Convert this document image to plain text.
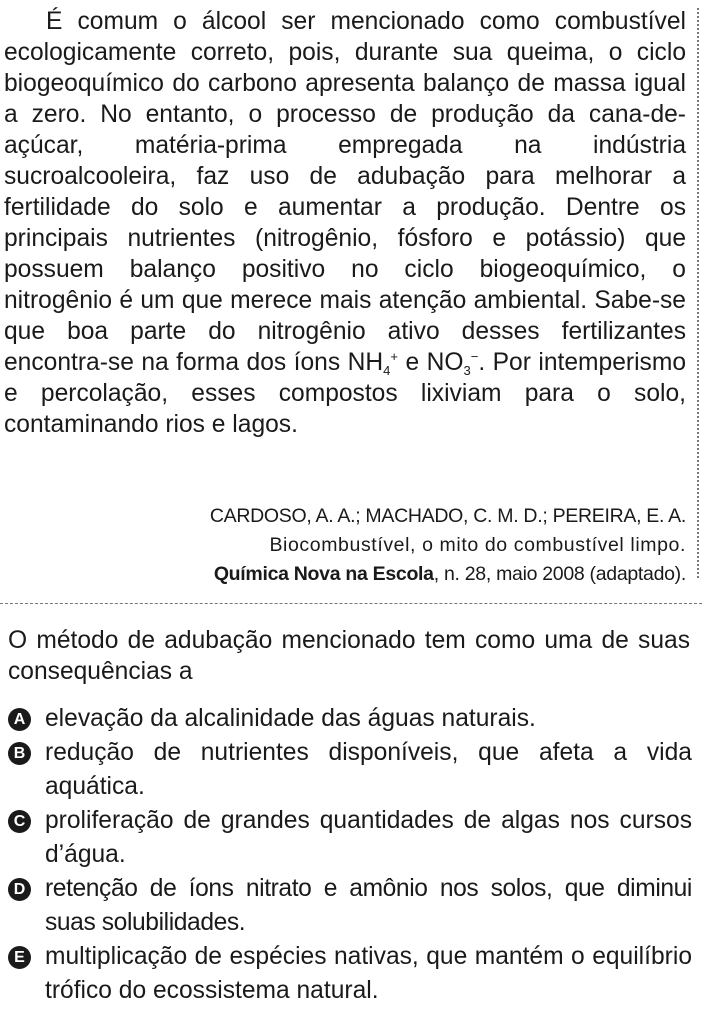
É comum o álcool ser mencionado como combustível ecologicamente correto, pois, durante sua queima, o ciclo biogeoquímico do carbono apresenta balanço de massa igual a zero. No entanto, o processo de produção da cana-de-açúcar, matéria-prima empregada na indústria sucroalcooleira, faz uso de adubação para melhorar a fertilidade do solo e aumentar a produção. Dentre os principais nutrientes (nitrogênio, fósforo e potássio) que possuem balanço positivo no ciclo biogeoquímico, o nitrogênio é um que merece mais atenção ambiental. Sabe-se que boa parte do nitrogênio ativo desses fertilizantes encontra-se na forma dos íons $NH_4^+$ e $NO_3^-$. Por intemperismo e percolação, esses compostos lixiviam para o solo, contaminando rios e lagos.

CARDOSO, A. A.; MACHADO, C. M. D.; PEREIRA, E. A.
Biocombustível, o mito do combustível limpo.
Química Nova na Escola, n. 28, maio 2008 (adaptado).

O método de adubação mencionado tem como uma de suas consequências a

A elevação da alcalinidade das águas naturais.
B redução de nutrientes disponíveis, que afeta a vida aquática.
C proliferação de grandes quantidades de algas nos cursos d’água.
D retenção de íons nitrato e amônio nos solos, que diminui suas solubilidades.
E multiplicação de espécies nativas, que mantém o equilíbrio trófico do ecossistema natural.
